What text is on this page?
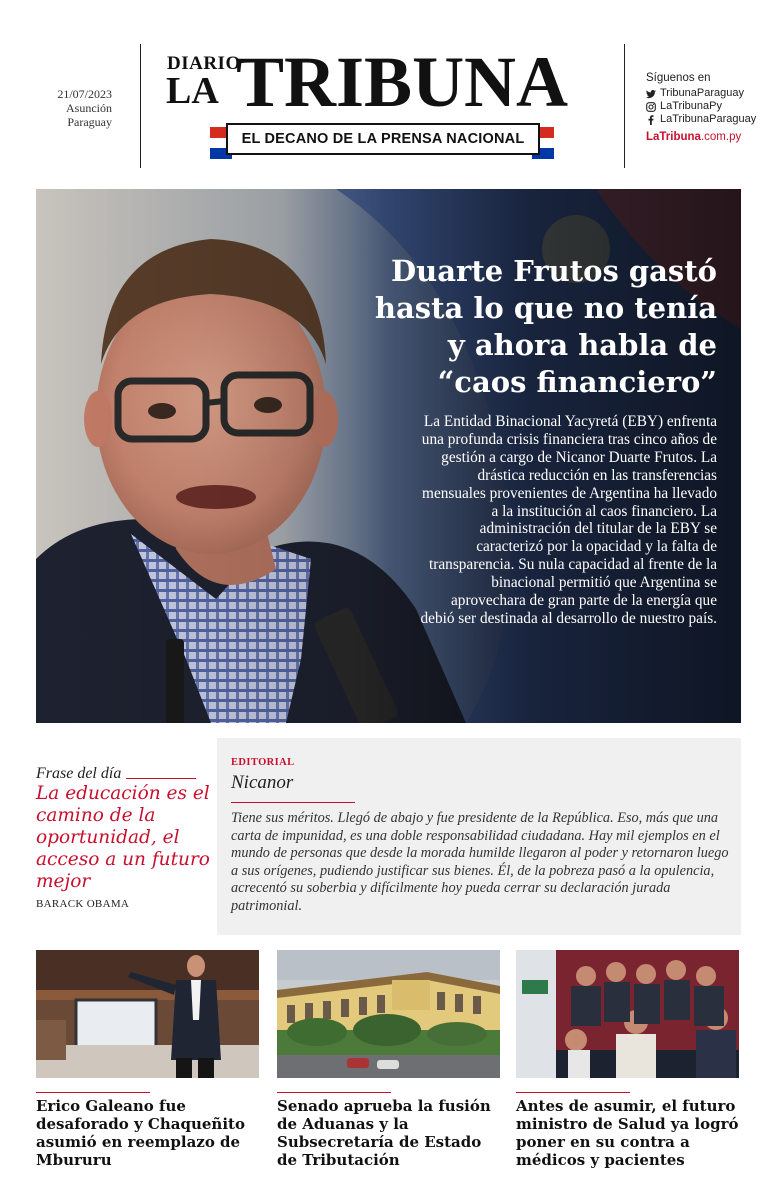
21/07/2023
Asunción
Paraguay
DIARIO
LA TRIBUNA
EL DECANO DE LA PRENSA NACIONAL
Síguenos en
TribunaParaguay
LaTribunaPy
LaTribunaParaguay
LaTribuna.com.py
Duarte Frutos gastó hasta lo que no tenía y ahora habla de “caos financiero”
La Entidad Binacional Yacyretá (EBY) enfrenta una profunda crisis financiera tras cinco años de gestión a cargo de Nicanor Duarte Frutos. La drástica reducción en las transferencias mensuales provenientes de Argentina ha llevado a la institución al caos financiero. La administración del titular de la EBY se caracterizó por la opacidad y la falta de transparencia. Su nula capacidad al frente de la binacional permitió que Argentina se aprovechara de gran parte de la energía que debió ser destinada al desarrollo de nuestro país.
Frase del día
La educación es el camino de la oportunidad, el acceso a un futuro mejor
BARACK OBAMA
EDITORIAL
Nicanor
Tiene sus méritos. Llegó de abajo y fue presidente de la República. Eso, más que una carta de impunidad, es una doble responsabilidad ciudadana. Hay mil ejemplos en el mundo de personas que desde la morada humilde llegaron al poder y retornaron luego a sus orígenes, pudiendo justificar sus bienes. Él, de la pobreza pasó a la opulencia, acrecentó su soberbia y difícilmente hoy pueda cerrar su declaración jurada patrimonial.
Erico Galeano fue desaforado y Chaqueñito asumió en reemplazo de Mbururu
Senado aprueba la fusión de Aduanas y la Subsecretaría de Estado de Tributación
Antes de asumir, el futuro ministro de Salud ya logró poner en su contra a médicos y pacientes
